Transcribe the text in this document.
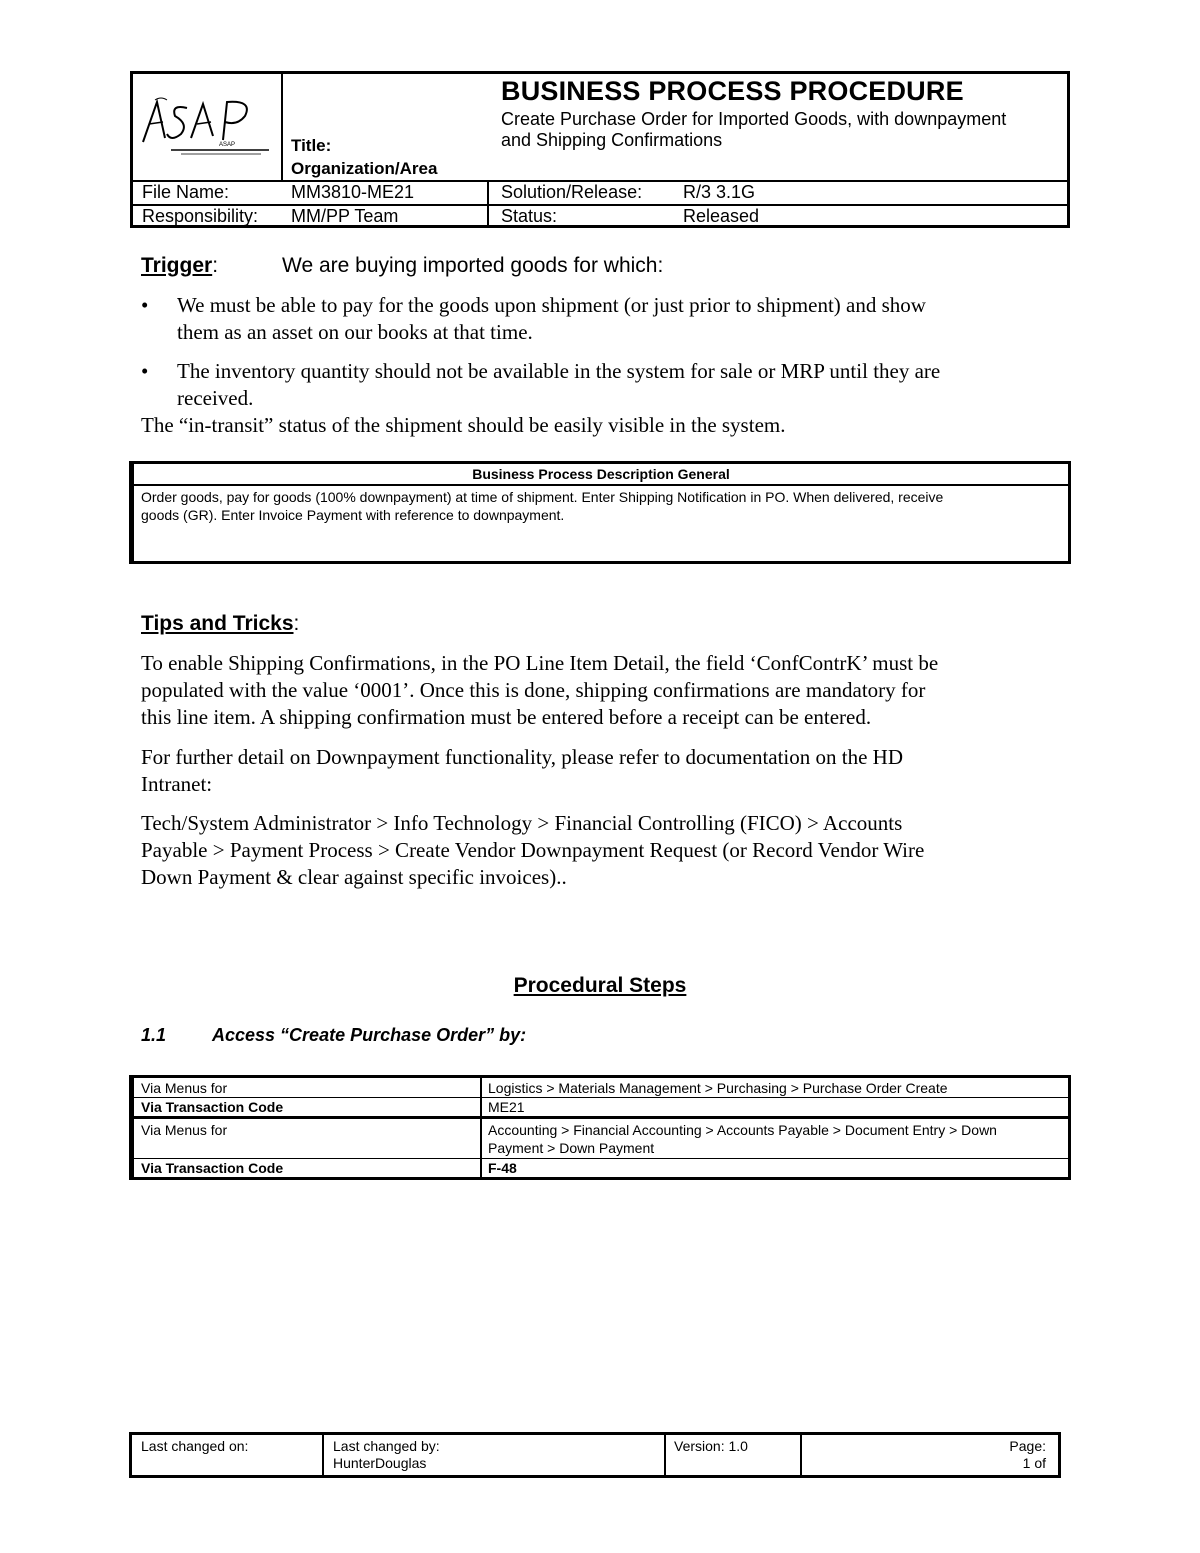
ASAP	Title:
Organization/Area
BUSINESS PROCESS PROCEDURE
Create Purchase Order for Imported Goods, with downpayment
and Shipping Confirmations
File Name:	MM3810-ME21	Solution/Release: R/3 3.1G
Responsibility: MM/PP Team	Status:	Released
Trigger:	We are buying imported goods for which:
• We must be able to pay for the goods upon shipment (or just prior to shipment) and show
them as an asset on our books at that time.
• The inventory quantity should not be available in the system for sale or MRP until they are
received.
The “in-transit” status of the shipment should be easily visible in the system.
Business Process Description General
Order goods, pay for goods (100% downpayment) at time of shipment. Enter Shipping Notification in PO. When delivered, receive
goods (GR). Enter Invoice Payment with reference to downpayment.
Tips and Tricks:
To enable Shipping Confirmations, in the PO Line Item Detail, the field ‘ConfContrK’ must be
populated with the value ‘0001’. Once this is done, shipping confirmations are mandatory for
this line item. A shipping confirmation must be entered before a receipt can be entered.
For further detail on Downpayment functionality, please refer to documentation on the HD
Intranet:
Tech/System Administrator > Info Technology > Financial Controlling (FICO) > Accounts
Payable > Payment Process > Create Vendor Downpayment Request (or Record Vendor Wire
Down Payment & clear against specific invoices)..
Procedural Steps
1.1	Access “Create Purchase Order” by:
Via Menus for	Logistics > Materials Management > Purchasing > Purchase Order Create
Via Transaction Code	ME21
Via Menus for	Accounting > Financial Accounting > Accounts Payable > Document Entry > Down
Payment > Down Payment
Via Transaction Code	F-48
Last changed on:	Last changed by:
HunterDouglas
Version: 1.0	Page:
1 of
